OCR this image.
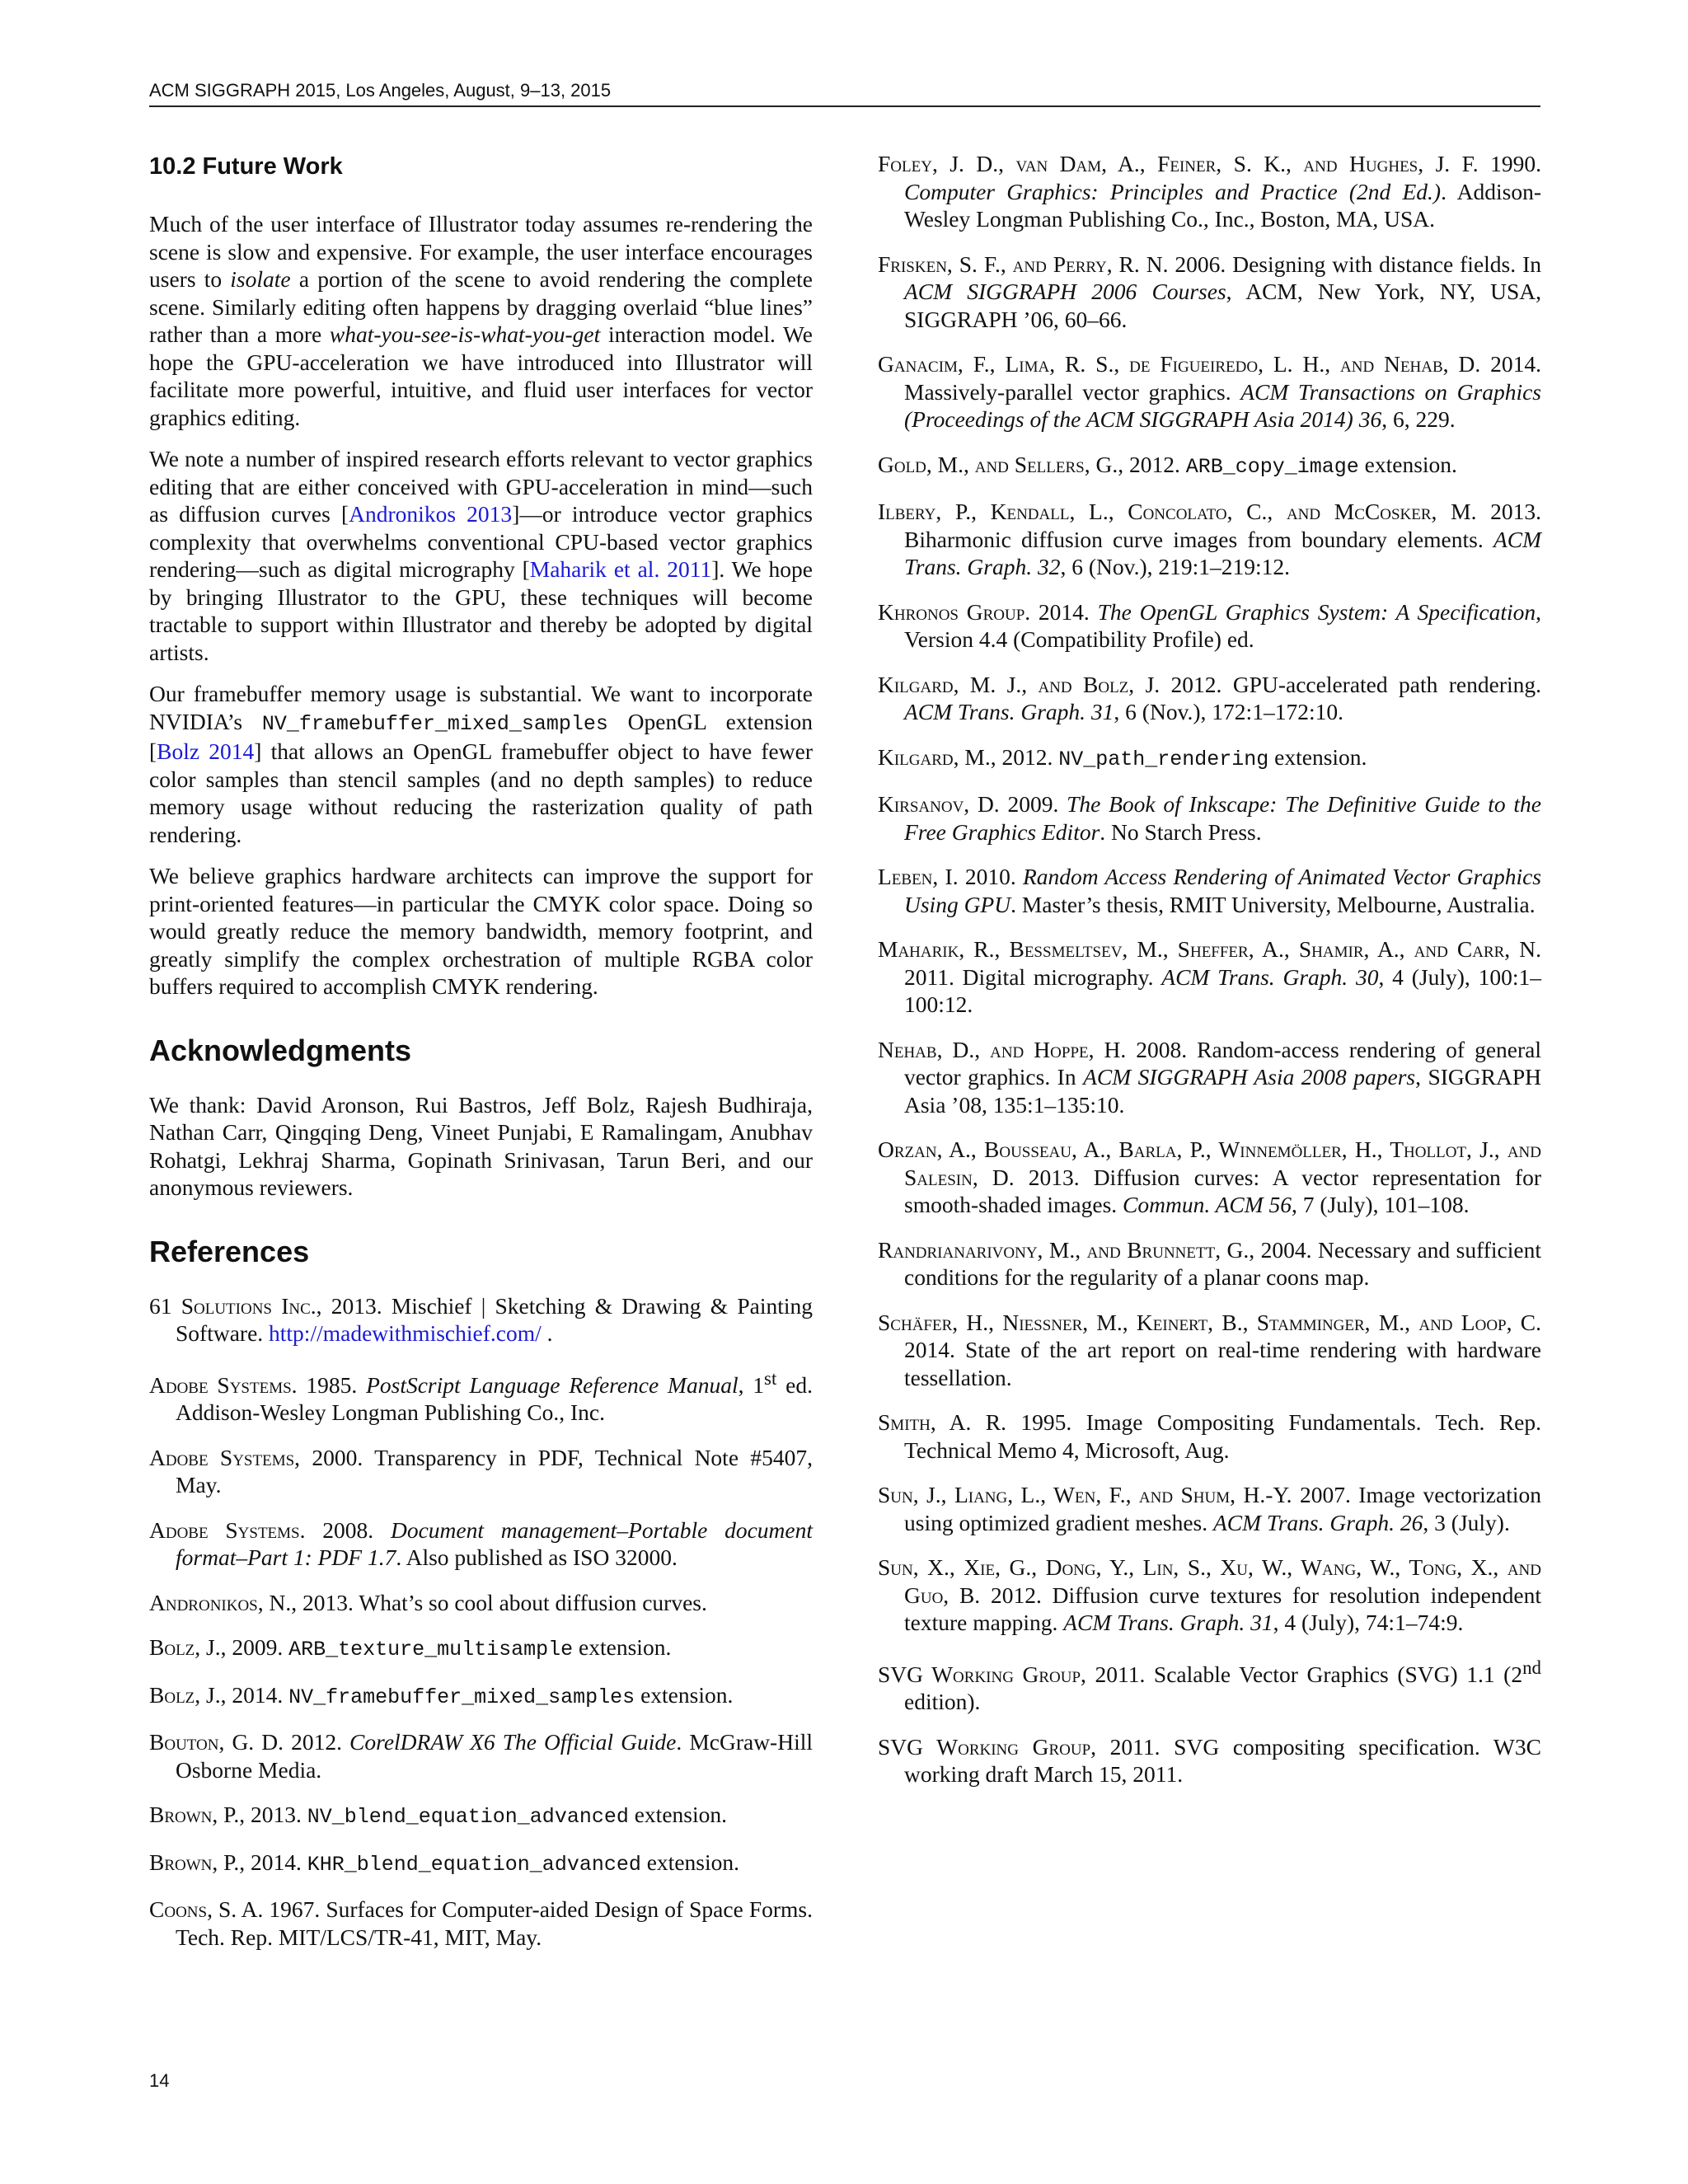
ACM SIGGRAPH 2015, Los Angeles, August, 9–13, 2015
10.2 Future Work

Much of the user interface of Illustrator today assumes re-rendering the scene is slow and expensive. For example, the user interface encourages users to isolate a portion of the scene to avoid rendering the complete scene. Similarly editing often happens by dragging overlaid “blue lines” rather than a more what-you-see-is-what-you-get interaction model. We hope the GPU-acceleration we have introduced into Illustrator will facilitate more powerful, intuitive, and fluid user interfaces for vector graphics editing.

We note a number of inspired research efforts relevant to vector graphics editing that are either conceived with GPU-acceleration in mind—such as diffusion curves [Andronikos 2013]—or introduce vector graphics complexity that overwhelms conventional CPU-based vector graphics rendering—such as digital micrography [Maharik et al. 2011]. We hope by bringing Illustrator to the GPU, these techniques will become tractable to support within Illustrator and thereby be adopted by digital artists.

Our framebuffer memory usage is substantial. We want to incorporate NVIDIA’s NV_framebuffer_mixed_samples OpenGL extension [Bolz 2014] that allows an OpenGL framebuffer object to have fewer color samples than stencil samples (and no depth samples) to reduce memory usage without reducing the rasterization quality of path rendering.

We believe graphics hardware architects can improve the support for print-oriented features—in particular the CMYK color space. Doing so would greatly reduce the memory bandwidth, memory footprint, and greatly simplify the complex orchestration of multiple RGBA color buffers required to accomplish CMYK rendering.

Acknowledgments

We thank: David Aronson, Rui Bastros, Jeff Bolz, Rajesh Budhiraja, Nathan Carr, Qingqing Deng, Vineet Punjabi, E Ramalingam, Anubhav Rohatgi, Lekhraj Sharma, Gopinath Srinivasan, Tarun Beri, and our anonymous reviewers.

References
61 Solutions Inc., 2013. Mischief | Sketching & Drawing & Painting Software. http://madewithmischief.com/ .
Adobe Systems. 1985. PostScript Language Reference Manual, 1st ed. Addison-Wesley Longman Publishing Co., Inc.
Adobe Systems, 2000. Transparency in PDF, Technical Note #5407, May.
Adobe Systems. 2008. Document management–Portable document format–Part 1: PDF 1.7. Also published as ISO 32000.
Andronikos, N., 2013. What’s so cool about diffusion curves.
Bolz, J., 2009. ARB_texture_multisample extension.
Bolz, J., 2014. NV_framebuffer_mixed_samples extension.
Bouton, G. D. 2012. CorelDRAW X6 The Official Guide. McGraw-Hill Osborne Media.
Brown, P., 2013. NV_blend_equation_advanced extension.
Brown, P., 2014. KHR_blend_equation_advanced extension.
Coons, S. A. 1967. Surfaces for Computer-aided Design of Space Forms. Tech. Rep. MIT/LCS/TR-41, MIT, May.
Foley, J. D., van Dam, A., Feiner, S. K., and Hughes, J. F. 1990. Computer Graphics: Principles and Practice (2nd Ed.). Addison-Wesley Longman Publishing Co., Inc., Boston, MA, USA.
Frisken, S. F., and Perry, R. N. 2006. Designing with distance fields. In ACM SIGGRAPH 2006 Courses, ACM, New York, NY, USA, SIGGRAPH ’06, 60–66.
Ganacim, F., Lima, R. S., de Figueiredo, L. H., and Nehab, D. 2014. Massively-parallel vector graphics. ACM Transactions on Graphics (Proceedings of the ACM SIGGRAPH Asia 2014) 36, 6, 229.
Gold, M., and Sellers, G., 2012. ARB_copy_image extension.
Ilbery, P., Kendall, L., Concolato, C., and McCosker, M. 2013. Biharmonic diffusion curve images from boundary elements. ACM Trans. Graph. 32, 6 (Nov.), 219:1–219:12.
Khronos Group. 2014. The OpenGL Graphics System: A Specification, Version 4.4 (Compatibility Profile) ed.
Kilgard, M. J., and Bolz, J. 2012. GPU-accelerated path rendering. ACM Trans. Graph. 31, 6 (Nov.), 172:1–172:10.
Kilgard, M., 2012. NV_path_rendering extension.
Kirsanov, D. 2009. The Book of Inkscape: The Definitive Guide to the Free Graphics Editor. No Starch Press.
Leben, I. 2010. Random Access Rendering of Animated Vector Graphics Using GPU. Master’s thesis, RMIT University, Melbourne, Australia.
Maharik, R., Bessmeltsev, M., Sheffer, A., Shamir, A., and Carr, N. 2011. Digital micrography. ACM Trans. Graph. 30, 4 (July), 100:1–100:12.
Nehab, D., and Hoppe, H. 2008. Random-access rendering of general vector graphics. In ACM SIGGRAPH Asia 2008 papers, SIGGRAPH Asia ’08, 135:1–135:10.
Orzan, A., Bousseau, A., Barla, P., Winnemöller, H., Thollot, J., and Salesin, D. 2013. Diffusion curves: A vector representation for smooth-shaded images. Commun. ACM 56, 7 (July), 101–108.
Randrianarivony, M., and Brunnett, G., 2004. Necessary and sufficient conditions for the regularity of a planar coons map.
Schäfer, H., Niessner, M., Keinert, B., Stamminger, M., and Loop, C. 2014. State of the art report on real-time rendering with hardware tessellation.
Smith, A. R. 1995. Image Compositing Fundamentals. Tech. Rep. Technical Memo 4, Microsoft, Aug.
Sun, J., Liang, L., Wen, F., and Shum, H.-Y. 2007. Image vectorization using optimized gradient meshes. ACM Trans. Graph. 26, 3 (July).
Sun, X., Xie, G., Dong, Y., Lin, S., Xu, W., Wang, W., Tong, X., and Guo, B. 2012. Diffusion curve textures for resolution independent texture mapping. ACM Trans. Graph. 31, 4 (July), 74:1–74:9.
SVG Working Group, 2011. Scalable Vector Graphics (SVG) 1.1 (2nd edition).
SVG Working Group, 2011. SVG compositing specification. W3C working draft March 15, 2011.
14
